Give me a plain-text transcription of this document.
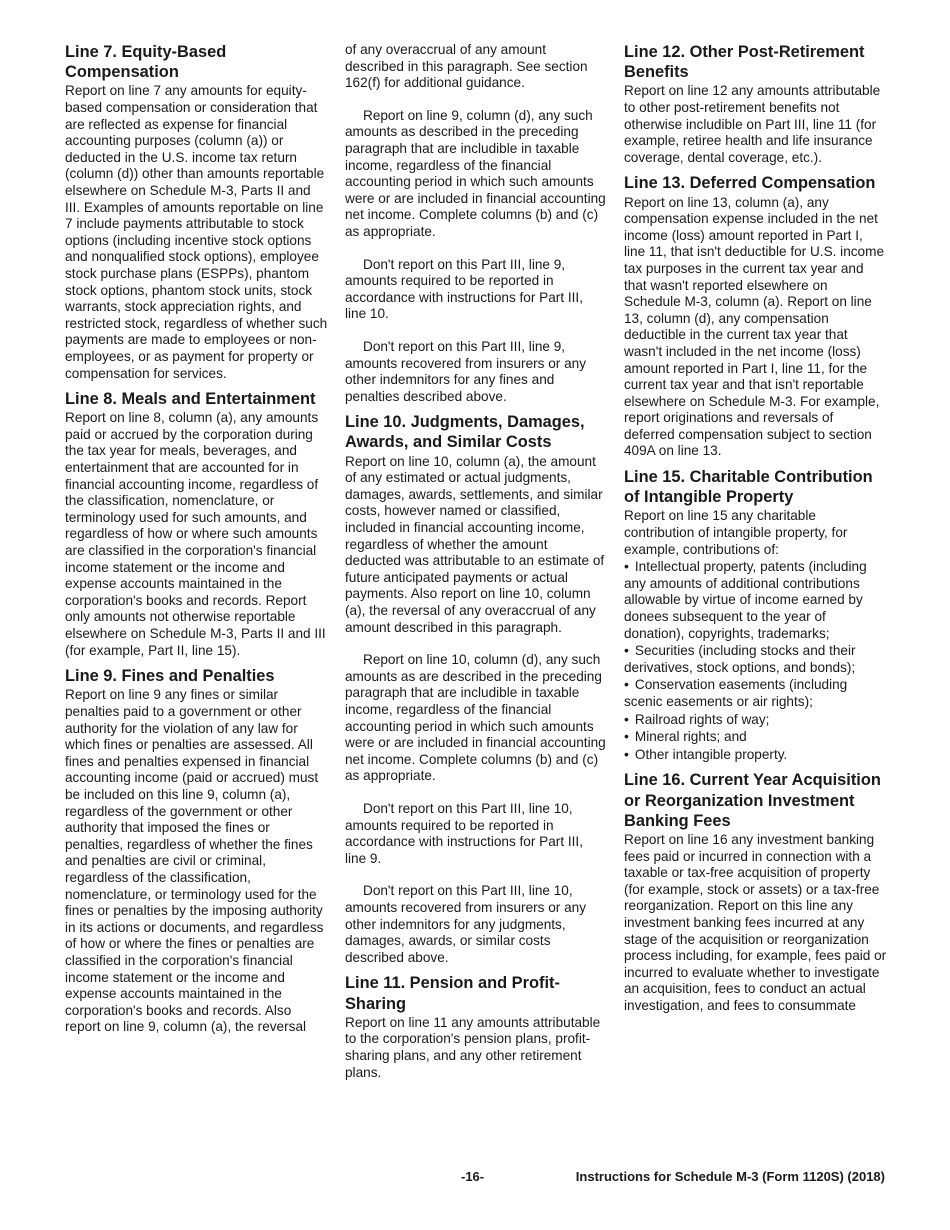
Line 7. Equity-Based Compensation

Report on line 7 any amounts for equity-based compensation or consideration that are reflected as expense for financial accounting purposes (column (a)) or deducted in the U.S. income tax return (column (d)) other than amounts reportable elsewhere on Schedule M-3, Parts II and III. Examples of amounts reportable on line 7 include payments attributable to stock options (including incentive stock options and nonqualified stock options), employee stock purchase plans (ESPPs), phantom stock options, phantom stock units, stock warrants, stock appreciation rights, and restricted stock, regardless of whether such payments are made to employees or non-employees, or as payment for property or compensation for services.

Line 8. Meals and Entertainment

Report on line 8, column (a), any amounts paid or accrued by the corporation during the tax year for meals, beverages, and entertainment that are accounted for in financial accounting income, regardless of the classification, nomenclature, or terminology used for such amounts, and regardless of how or where such amounts are classified in the corporation's financial income statement or the income and expense accounts maintained in the corporation's books and records. Report only amounts not otherwise reportable elsewhere on Schedule M-3, Parts II and III (for example, Part II, line 15).

Line 9. Fines and Penalties

Report on line 9 any fines or similar penalties paid to a government or other authority for the violation of any law for which fines or penalties are assessed. All fines and penalties expensed in financial accounting income (paid or accrued) must be included on this line 9, column (a), regardless of the government or other authority that imposed the fines or penalties, regardless of whether the fines and penalties are civil or criminal, regardless of the classification, nomenclature, or terminology used for the fines or penalties by the imposing authority in its actions or documents, and regardless of how or where the fines or penalties are classified in the corporation's financial income statement or the income and expense accounts maintained in the corporation's books and records. Also report on line 9, column (a), the reversal

of any overaccrual of any amount described in this paragraph. See section 162(f) for additional guidance.

Report on line 9, column (d), any such amounts as described in the preceding paragraph that are includible in taxable income, regardless of the financial accounting period in which such amounts were or are included in financial accounting net income. Complete columns (b) and (c) as appropriate.

Don't report on this Part III, line 9, amounts required to be reported in accordance with instructions for Part III, line 10.

Don't report on this Part III, line 9, amounts recovered from insurers or any other indemnitors for any fines and penalties described above.

Line 10. Judgments, Damages, Awards, and Similar Costs

Report on line 10, column (a), the amount of any estimated or actual judgments, damages, awards, settlements, and similar costs, however named or classified, included in financial accounting income, regardless of whether the amount deducted was attributable to an estimate of future anticipated payments or actual payments. Also report on line 10, column (a), the reversal of any overaccrual of any amount described in this paragraph.

Report on line 10, column (d), any such amounts as are described in the preceding paragraph that are includible in taxable income, regardless of the financial accounting period in which such amounts were or are included in financial accounting net income. Complete columns (b) and (c) as appropriate.

Don't report on this Part III, line 10, amounts required to be reported in accordance with instructions for Part III, line 9.

Don't report on this Part III, line 10, amounts recovered from insurers or any other indemnitors for any judgments, damages, awards, or similar costs described above.

Line 11. Pension and Profit-Sharing

Report on line 11 any amounts attributable to the corporation's pension plans, profit-sharing plans, and any other retirement plans.

Line 12. Other Post-Retirement Benefits

Report on line 12 any amounts attributable to other post-retirement benefits not otherwise includible on Part III, line 11 (for example, retiree health and life insurance coverage, dental coverage, etc.).

Line 13. Deferred Compensation

Report on line 13, column (a), any compensation expense included in the net income (loss) amount reported in Part I, line 11, that isn't deductible for U.S. income tax purposes in the current tax year and that wasn't reported elsewhere on Schedule M-3, column (a). Report on line 13, column (d), any compensation deductible in the current tax year that wasn't included in the net income (loss) amount reported in Part I, line 11, for the current tax year and that isn't reportable elsewhere on Schedule M-3. For example, report originations and reversals of deferred compensation subject to section 409A on line 13.

Line 15. Charitable Contribution of Intangible Property

Report on line 15 any charitable contribution of intangible property, for example, contributions of:

• Intellectual property, patents (including any amounts of additional contributions allowable by virtue of income earned by donees subsequent to the year of donation), copyrights, trademarks;
• Securities (including stocks and their derivatives, stock options, and bonds);
• Conservation easements (including scenic easements or air rights);
• Railroad rights of way;
• Mineral rights; and
• Other intangible property.
Line 16. Current Year Acquisition or Reorganization Investment Banking Fees

Report on line 16 any investment banking fees paid or incurred in connection with a taxable or tax-free acquisition of property (for example, stock or assets) or a tax-free reorganization. Report on this line any investment banking fees incurred at any stage of the acquisition or reorganization process including, for example, fees paid or incurred to evaluate whether to investigate an acquisition, fees to conduct an actual investigation, and fees to consummate

-16-	Instructions for Schedule M-3 (Form 1120S) (2018)
